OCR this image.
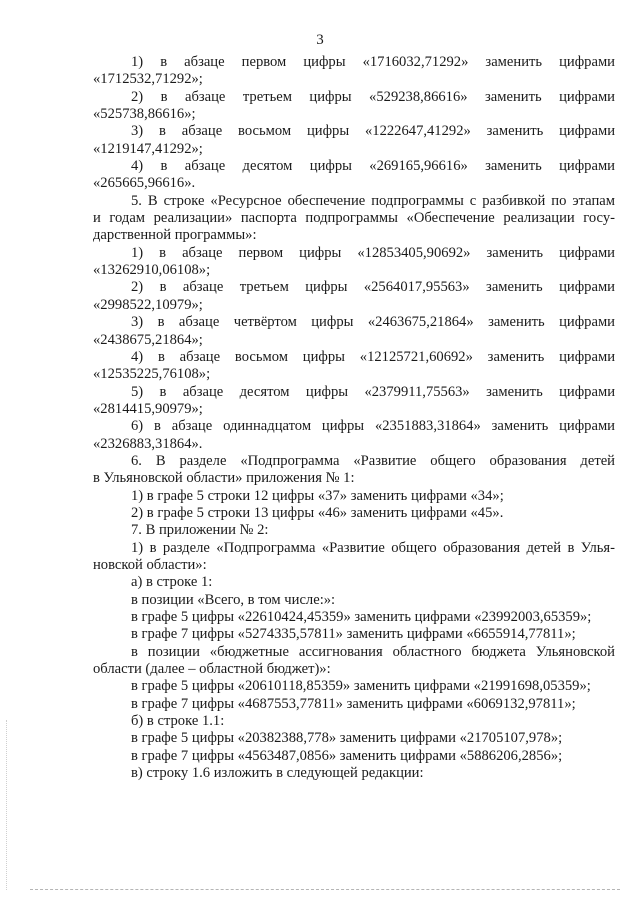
3
1) в абзаце первом цифры «1716032,71292» заменить цифрами
«1712532,71292»;
2) в абзаце третьем цифры «529238,86616» заменить цифрами
«525738,86616»;
3) в абзаце восьмом цифры «1222647,41292» заменить цифрами
«1219147,41292»;
4) в абзаце десятом цифры «269165,96616» заменить цифрами
«265665,96616».
5. В строке «Ресурсное обеспечение подпрограммы с разбивкой по этапам
и годам реализации» паспорта подпрограммы «Обеспечение реализации госу-
дарственной программы»:
1) в абзаце первом цифры «12853405,90692» заменить цифрами
«13262910,06108»;
2) в абзаце третьем цифры «2564017,95563» заменить цифрами
«2998522,10979»;
3) в абзаце четвёртом цифры «2463675,21864» заменить цифрами
«2438675,21864»;
4) в абзаце восьмом цифры «12125721,60692» заменить цифрами
«12535225,76108»;
5) в абзаце десятом цифры «2379911,75563» заменить цифрами
«2814415,90979»;
6) в абзаце одиннадцатом цифры «2351883,31864» заменить цифрами
«2326883,31864».
6. В разделе «Подпрограмма «Развитие общего образования детей
в Ульяновской области» приложения № 1:
1) в графе 5 строки 12 цифры «37» заменить цифрами «34»;
2) в графе 5 строки 13 цифры «46» заменить цифрами «45».
7. В приложении № 2:
1) в разделе «Подпрограмма «Развитие общего образования детей в Улья-
новской области»:
а) в строке 1:
в позиции «Всего, в том числе:»:
в графе 5 цифры «22610424,45359» заменить цифрами «23992003,65359»;
в графе 7 цифры «5274335,57811» заменить цифрами «6655914,77811»;
в позиции «бюджетные ассигнования областного бюджета Ульяновской
области (далее – областной бюджет)»:
в графе 5 цифры «20610118,85359» заменить цифрами «21991698,05359»;
в графе 7 цифры «4687553,77811» заменить цифрами «6069132,97811»;
б) в строке 1.1:
в графе 5 цифры «20382388,778» заменить цифрами «21705107,978»;
в графе 7 цифры «4563487,0856» заменить цифрами «5886206,2856»;
в) строку 1.6 изложить в следующей редакции:
